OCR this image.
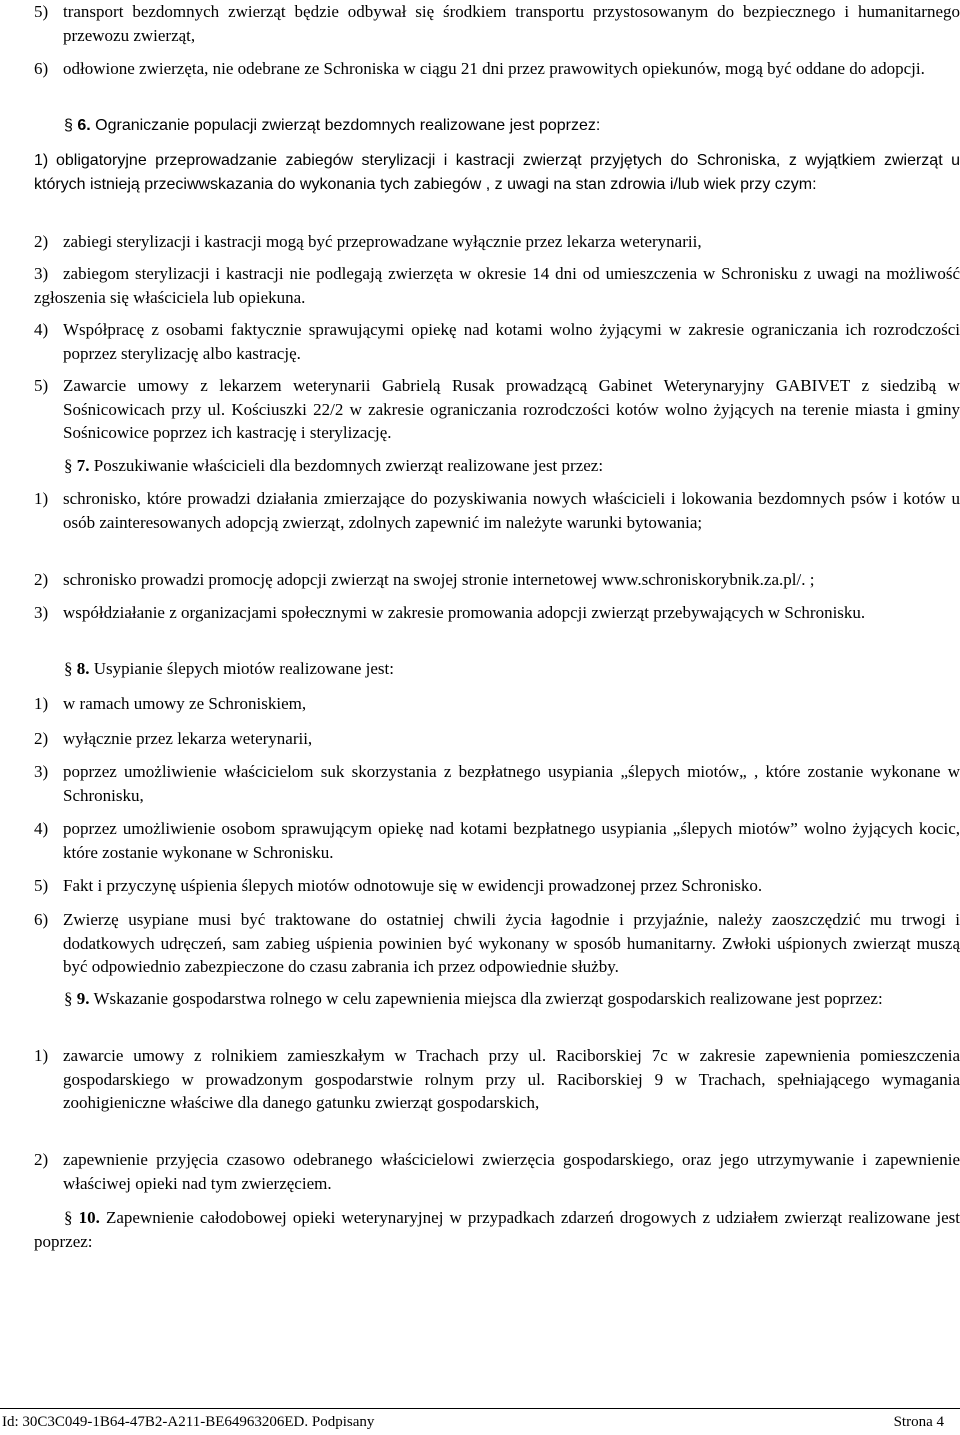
5) transport bezdomnych zwierząt będzie odbywał się środkiem transportu przystosowanym do bezpiecznego i humanitarnego przewozu zwierząt,
6) odłowione zwierzęta, nie odebrane ze Schroniska w ciągu 21 dni przez prawowitych opiekunów, mogą być oddane do adopcji.

§ 6. Ograniczanie populacji zwierząt bezdomnych realizowane jest poprzez:

1) obligatoryjne przeprowadzanie zabiegów sterylizacji i kastracji zwierząt przyjętych do Schroniska, z wyjątkiem zwierząt u których istnieją przeciwwskazania do wykonania tych zabiegów , z uwagi na stan zdrowia i/lub wiek przy czym:
2) zabiegi sterylizacji i kastracji mogą być przeprowadzane wyłącznie przez lekarza weterynarii,
3) zabiegom sterylizacji i kastracji nie podlegają zwierzęta w okresie 14 dni od umieszczenia w Schronisku z uwagi na możliwość zgłoszenia się właściciela lub opiekuna.
4) Współpracę z osobami faktycznie sprawującymi opiekę nad kotami wolno żyjącymi w zakresie ograniczania ich rozrodczości poprzez sterylizację albo kastrację.
5) Zawarcie umowy z lekarzem weterynarii Gabrielą Rusak prowadzącą Gabinet Weterynaryjny GABIVET z siedzibą w Sośnicowicach przy ul. Kościuszki 22/2 w zakresie ograniczania rozrodczości kotów wolno żyjących na terenie miasta i gminy Sośnicowice poprzez ich kastrację i sterylizację.

§ 7. Poszukiwanie właścicieli dla bezdomnych zwierząt realizowane jest przez:

1) schronisko, które prowadzi działania zmierzające do pozyskiwania nowych właścicieli i lokowania bezdomnych psów i kotów u osób zainteresowanych adopcją zwierząt, zdolnych zapewnić im należyte warunki bytowania;
2) schronisko prowadzi promocję adopcji zwierząt na swojej stronie internetowej www.schroniskorybnik.za.pl/. ;
3) współdziałanie z organizacjami społecznymi w zakresie promowania adopcji zwierząt przebywających w Schronisku.

§ 8. Usypianie ślepych miotów realizowane jest:

1) w ramach umowy ze Schroniskiem,
2) wyłącznie przez lekarza weterynarii,
3) poprzez umożliwienie właścicielom suk skorzystania z bezpłatnego usypiania „ślepych miotów„ , które zostanie wykonane w Schronisku,
4) poprzez umożliwienie osobom sprawującym opiekę nad kotami bezpłatnego usypiania „ślepych miotów” wolno żyjących kocic, które zostanie wykonane w Schronisku.
5) Fakt i przyczynę uśpienia ślepych miotów odnotowuje się w ewidencji prowadzonej przez Schronisko.
6) Zwierzę usypiane musi być traktowane do ostatniej chwili życia łagodnie i przyjaźnie, należy zaoszczędzić mu trwogi i dodatkowych udręczeń, sam zabieg uśpienia powinien być wykonany w sposób humanitarny. Zwłoki uśpionych zwierząt muszą być odpowiednio zabezpieczone do czasu zabrania ich przez odpowiednie służby.

§ 9. Wskazanie gospodarstwa rolnego w celu zapewnienia miejsca dla zwierząt gospodarskich realizowane jest poprzez:

1) zawarcie umowy z rolnikiem zamieszkałym w Trachach przy ul. Raciborskiej 7c w zakresie zapewnienia pomieszczenia gospodarskiego w prowadzonym gospodarstwie rolnym przy ul. Raciborskiej 9 w Trachach, spełniającego wymagania zoohigieniczne właściwe dla danego gatunku zwierząt gospodarskich,
2) zapewnienie przyjęcia czasowo odebranego właścicielowi zwierzęcia gospodarskiego, oraz jego utrzymywanie i zapewnienie właściwej opieki nad tym zwierzęciem.

§ 10. Zapewnienie całodobowej opieki weterynaryjnej w przypadkach zdarzeń drogowych z udziałem zwierząt realizowane jest poprzez:

Id: 30C3C049-1B64-47B2-A211-BE64963206ED. Podpisany	Strona 4
